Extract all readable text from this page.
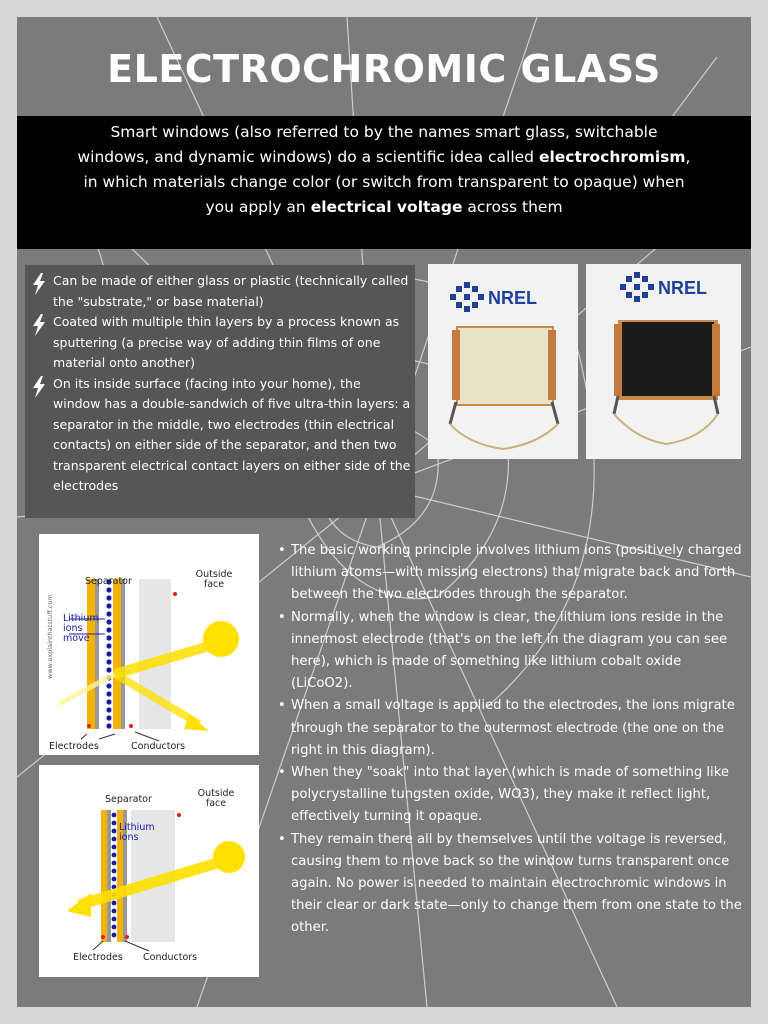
ELECTROCHROMIC GLASS
Smart windows (also referred to by the names smart glass, switchable windows, and dynamic windows) do a scientific idea called electrochromism, in which materials change color (or switch from transparent to opaque) when you apply an electrical voltage across them
Can be made of either glass or plastic (technically called the "substrate," or base material)
Coated with multiple thin layers by a process known as sputtering (a precise way of adding thin films of one material onto another)
On its inside surface (facing into your home), the window has a double-sandwich of five ultra-thin layers: a separator in the middle, two electrodes (thin electrical contacts) on either side of the separator, and then two transparent electrical contact layers on either side of the electrodes
NREL	NREL
Separator
Outside face
Lithium ions move
Electrodes	Conductors
www.explainthatstuff.com
Separator
Outside face
Lithium ions
Electrodes Conductors
• The basic working principle involves lithium ions (positively charged lithium atoms—with missing electrons) that migrate back and forth between the two electrodes through the separator.
• Normally, when the window is clear, the lithium ions reside in the innermost electrode (that's on the left in the diagram you can see here), which is made of something like lithium cobalt oxide (LiCoO2).
• When a small voltage is applied to the electrodes, the ions migrate through the separator to the outermost electrode (the one on the right in this diagram).
• When they "soak" into that layer (which is made of something like polycrystalline tungsten oxide, WO3), they make it reflect light, effectively turning it opaque.
• They remain there all by themselves until the voltage is reversed, causing them to move back so the window turns transparent once again. No power is needed to maintain electrochromic windows in their clear or dark state—only to change them from one state to the other.
